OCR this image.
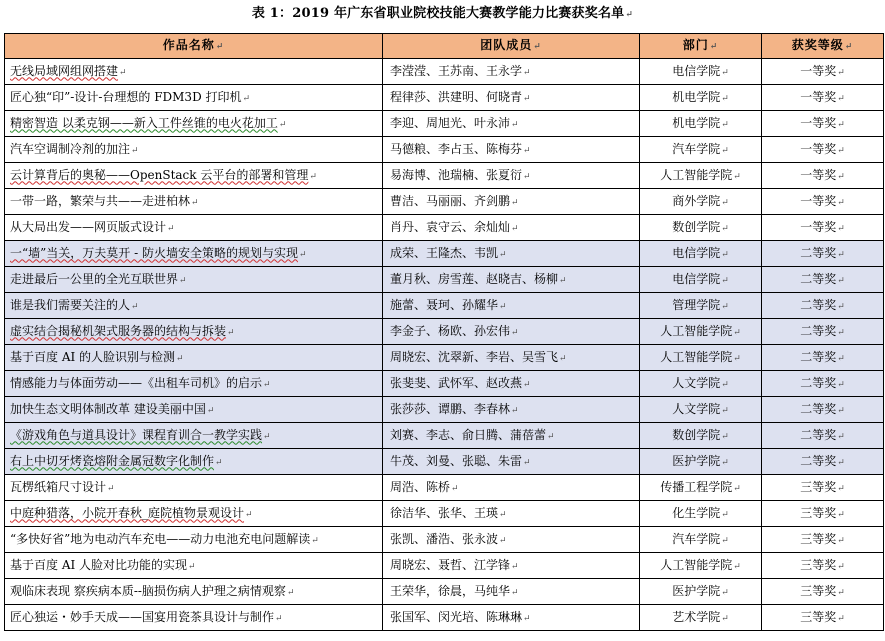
表 1：2019 年广东省职业院校技能大赛教学能力比赛获奖名单↵
作品名称↵	团队成员↵	部门↵	获奖等级↵
无线局域网组网搭建↵	李滢滢、王苏南、王永学↵	电信学院↵	一等奖↵
匠心独“印”-设计-台理想的 FDM3D 打印机↵	程律莎、洪建明、何晓青↵	机电学院↵	一等奖↵
精密智造 以柔克钢——新入工件丝锥的电火花加工↵	李迎、周旭光、叶永沛↵	机电学院↵	一等奖↵
汽车空调制冷剂的加注↵	马德粮、李占玉、陈梅芬↵	汽车学院↵	一等奖↵
云计算背后的奥秘——OpenStack 云平台的部署和管理↵	易海博、池瑞楠、张夏衍↵	人工智能学院↵	一等奖↵
一带一路，繁荣与共——走进柏林↵	曹洁、马丽丽、齐剑鹏↵	商外学院↵	一等奖↵
从大局出发——网页版式设计↵	肖丹、袁守云、余灿灿↵	数创学院↵	一等奖↵
一“墙”当关，万夫莫开 - 防火墙安全策略的规划与实现↵	成荣、王隆杰、韦凯↵	电信学院↵	二等奖↵
走进最后一公里的全光互联世界↵	董月秋、房雪莲、赵晓吉、杨柳↵	电信学院↵	二等奖↵
谁是我们需要关注的人↵	施蕾、聂珂、孙耀华↵	管理学院↵	二等奖↵
虚实结合揭秘机架式服务器的结构与拆装↵	李金子、杨欧、孙宏伟↵	人工智能学院↵	二等奖↵
基于百度 AI 的人脸识别与检测↵	周晓宏、沈翠新、李岩、吴雪飞↵	人工智能学院↵	二等奖↵
情感能力与体面劳动——《出租车司机》的启示↵	张斐斐、武怀军、赵改燕↵	人文学院↵	二等奖↵
加快生态文明体制改革 建设美丽中国↵	张莎莎、谭鹏、李春林↵	人文学院↵	二等奖↵
《游戏角色与道具设计》课程育训合一教学实践↵	刘赛、李志、俞日腾、蒲蓓蕾↵	数创学院↵	二等奖↵
右上中切牙烤瓷熔附金属冠数字化制作↵	牛茂、刘曼、张聪、朱雷↵	医护学院↵	二等奖↵
瓦楞纸箱尺寸设计↵	周浩、陈桥↵	传播工程学院↵	三等奖↵
中庭种猎落，小院开春秋_庭院植物景观设计↵	徐洁华、张华、王瑛↵	化生学院↵	三等奖↵
“多快好省”地为电动汽车充电——动力电池充电问题解读↵	张凯、潘浩、张永波↵	汽车学院↵	三等奖↵
基于百度 AI 人脸对比功能的实现↵	周晓宏、聂哲、江学锋↵	人工智能学院↵	三等奖↵
观临床表现 察疾病本质--脑损伤病人护理之病情观察↵	王荣华，徐晨，马纯华↵	医护学院↵	三等奖↵
匠心独运・妙手天成——国宴用瓷茶具设计与制作↵	张国军、闵光培、陈琳琳↵	艺术学院↵	三等奖↵
